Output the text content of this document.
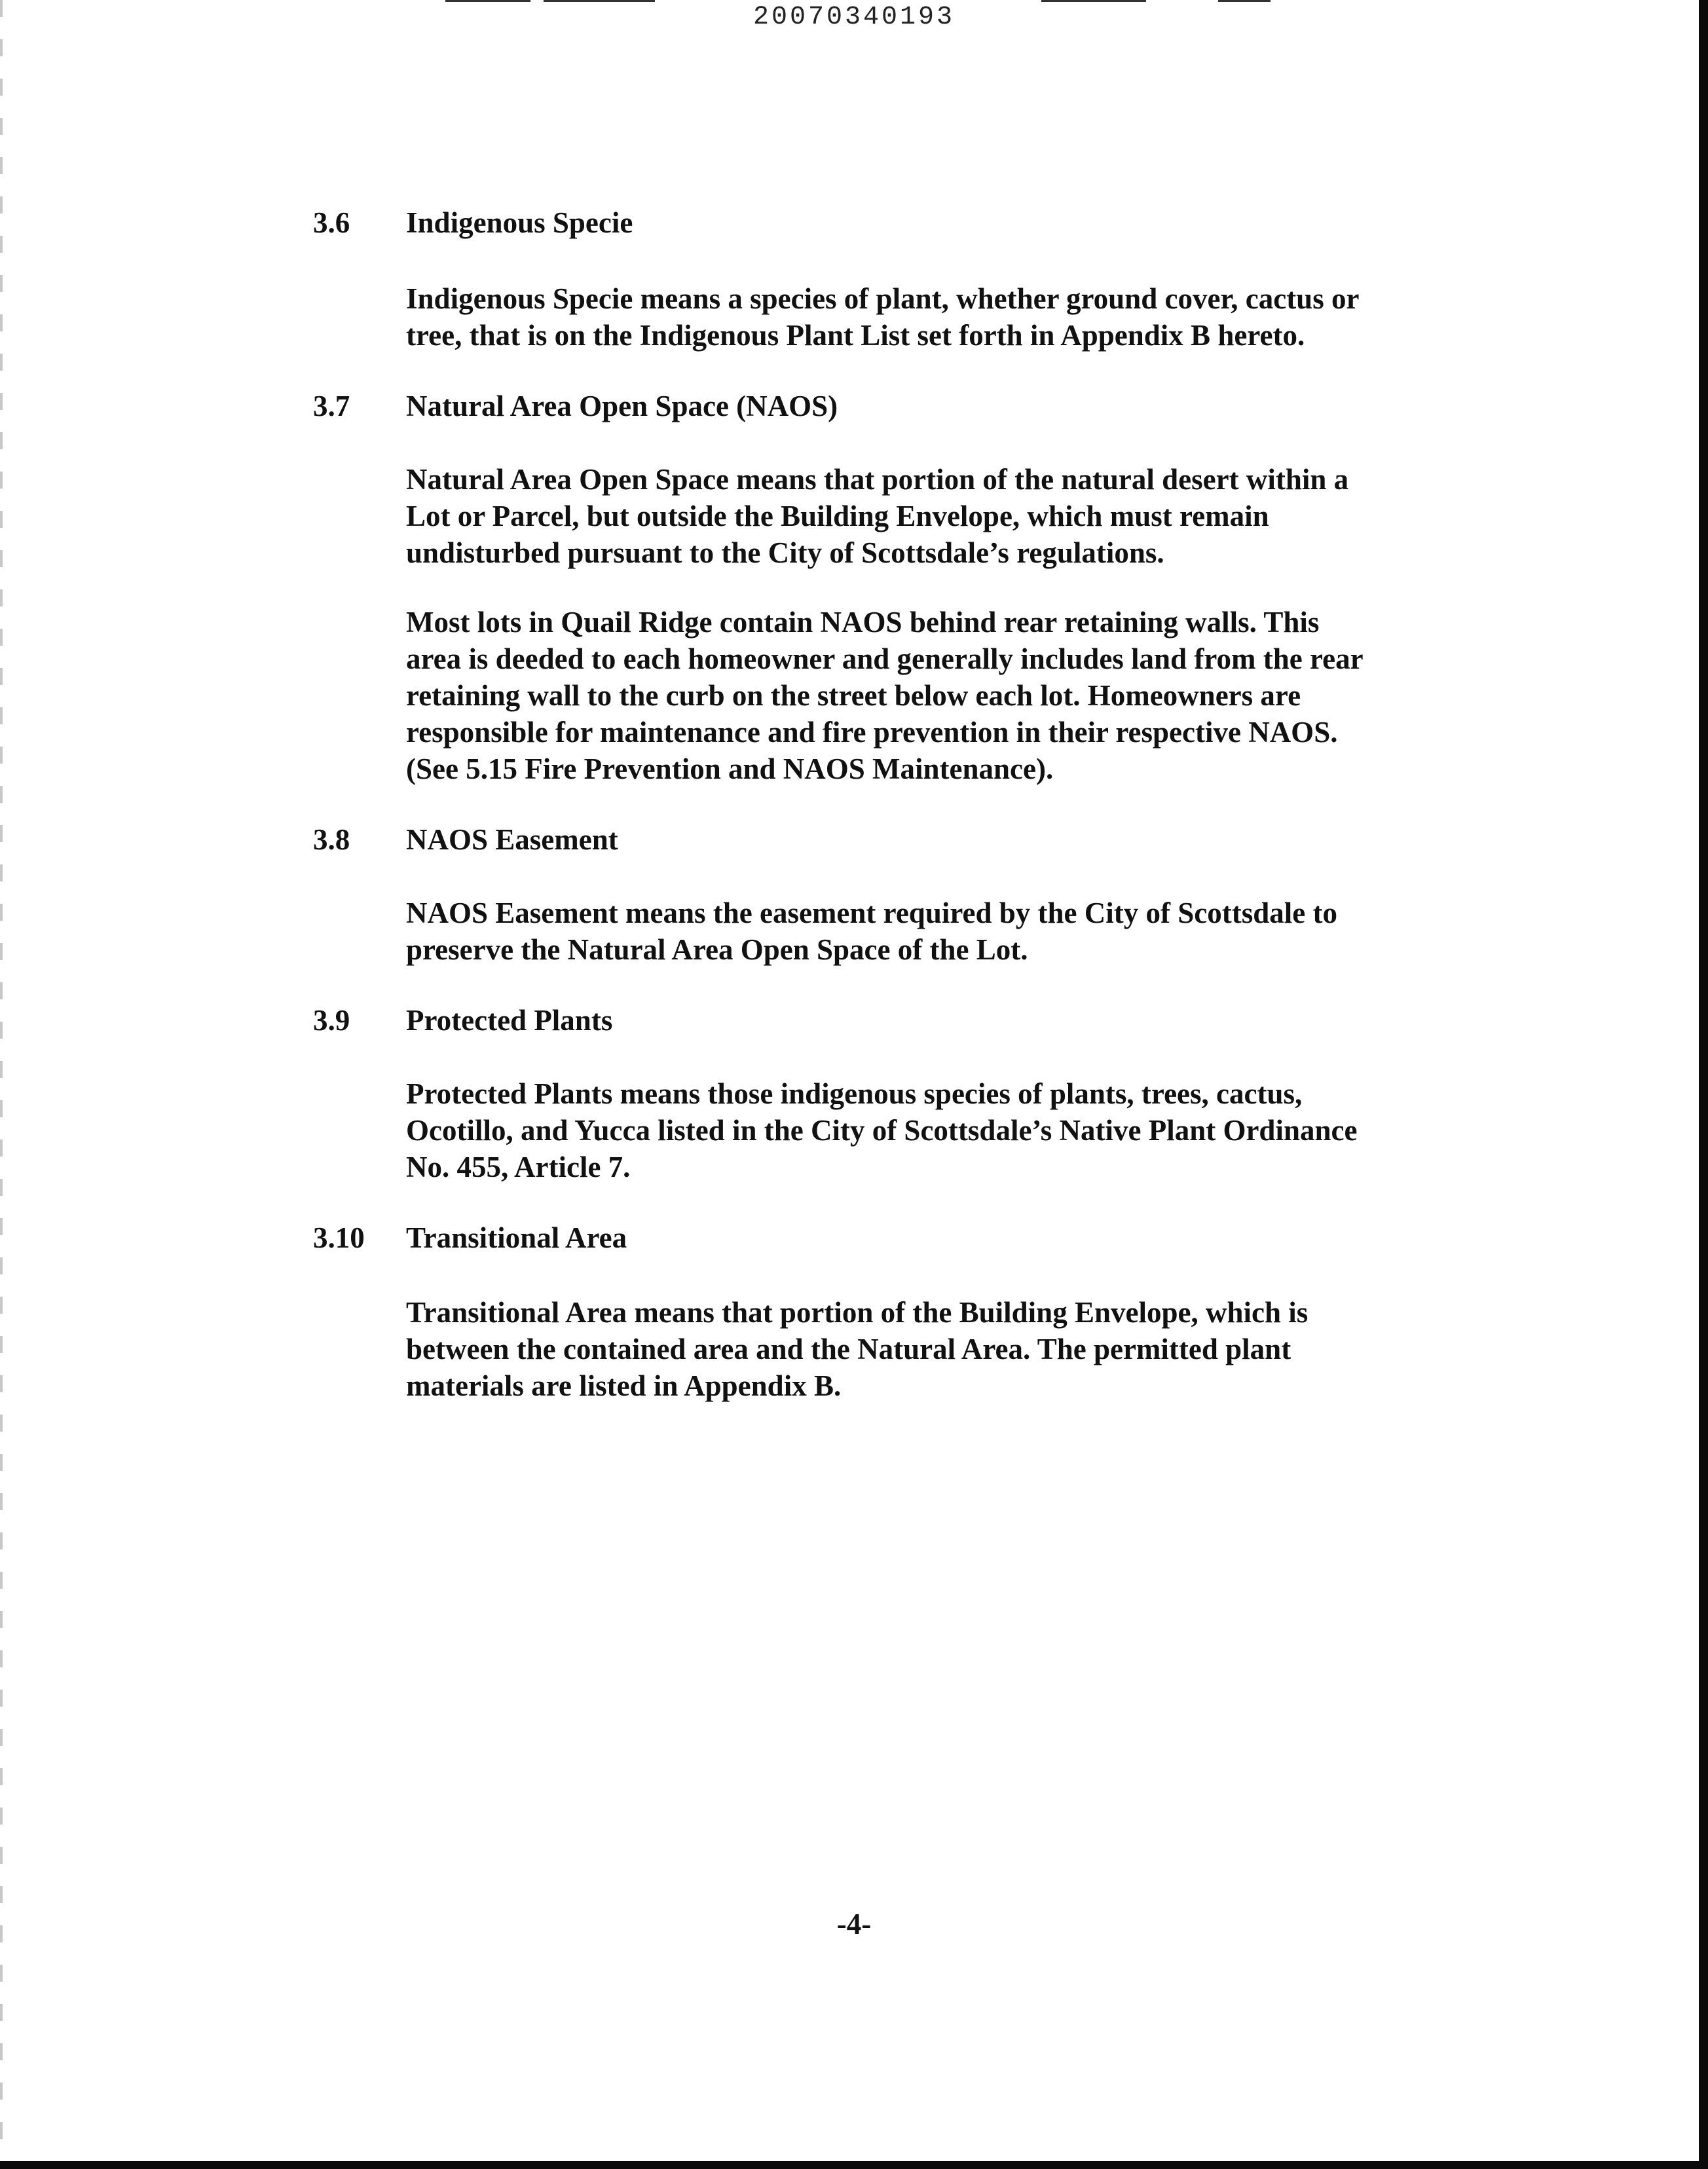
20070340193
3.6 Indigenous Specie

Indigenous Specie means a species of plant, whether ground cover, cactus or
tree, that is on the Indigenous Plant List set forth in Appendix B hereto.

3.7 Natural Area Open Space (NAOS)

Natural Area Open Space means that portion of the natural desert within a
Lot or Parcel, but outside the Building Envelope, which must remain
undisturbed pursuant to the City of Scottsdale’s regulations.

Most lots in Quail Ridge contain NAOS behind rear retaining walls. This
area is deeded to each homeowner and generally includes land from the rear
retaining wall to the curb on the street below each lot. Homeowners are
responsible for maintenance and fire prevention in their respective NAOS.
(See 5.15 Fire Prevention and NAOS Maintenance).

3.8 NAOS Easement

NAOS Easement means the easement required by the City of Scottsdale to
preserve the Natural Area Open Space of the Lot.

3.9 Protected Plants

Protected Plants means those indigenous species of plants, trees, cactus,
Ocotillo, and Yucca listed in the City of Scottsdale’s Native Plant Ordinance
No. 455, Article 7.

3.10 Transitional Area

Transitional Area means that portion of the Building Envelope, which is
between the contained area and the Natural Area. The permitted plant
materials are listed in Appendix B.

-4-
